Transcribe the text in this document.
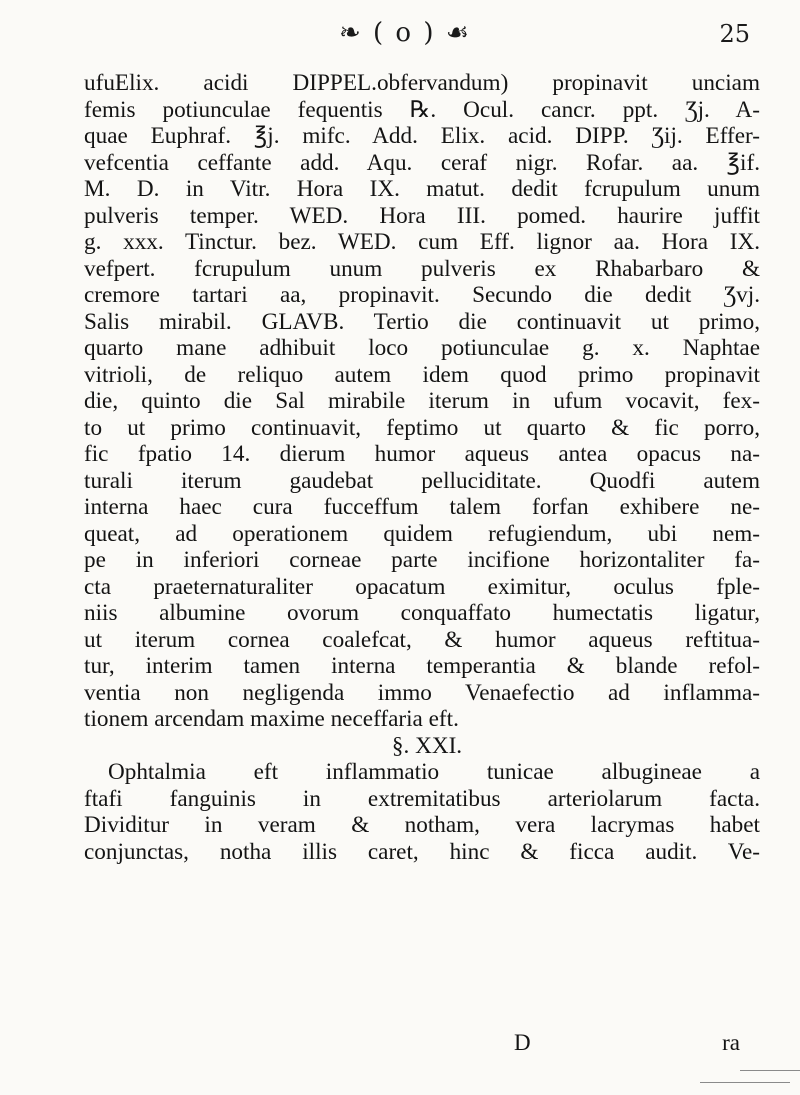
❧ ( o ) ☙	25
ufuElix. acidi DIPPEL.obfervandum) propinavit unciam
femis potiunculae fequentis ℞. Ocul. cancr. ppt. Ʒj. A-
quae Euphraf. ℥j. mifc. Add. Elix. acid. DIPP. Ʒij. Effer-
vefcentia ceffante add. Aqu. ceraf nigr. Rofar. aa. ℥if.
M. D. in Vitr. Hora IX. matut. dedit fcrupulum unum
pulveris temper. WED. Hora III. pomed. haurire juffit
g. xxx. Tinctur. bez. WED. cum Eff. lignor aa. Hora IX.
vefpert. fcrupulum unum pulveris ex Rhabarbaro &
cremore tartari aa, propinavit. Secundo die dedit Ʒvj.
Salis mirabil. GLAVB. Tertio die continuavit ut primo,
quarto mane adhibuit loco potiunculae g. x. Naphtae
vitrioli, de reliquo autem idem quod primo propinavit
die, quinto die Sal mirabile iterum in ufum vocavit, fex-
to ut primo continuavit, feptimo ut quarto & fic porro,
fic fpatio 14. dierum humor aqueus antea opacus na-
turali iterum gaudebat pelluciditate. Quodfi autem
interna haec cura fucceffum talem forfan exhibere ne-
queat, ad operationem quidem refugiendum, ubi nem-
pe in inferiori corneae parte incifione horizontaliter fa-
cta praeternaturaliter opacatum eximitur, oculus fple-
niis albumine ovorum conquaffato humectatis ligatur,
ut iterum cornea coalefcat, & humor aqueus reftitua-
tur, interim tamen interna temperantia & blande refol-
ventia non negligenda immo Venaefectio ad inflamma-
tionem arcendam maxime neceffaria eft.
§. XXI.
Ophtalmia eft inflammatio tunicae albugineae a
ftafi fanguinis in extremitatibus arteriolarum facta.
Dividitur in veram & notham, vera lacrymas habet
conjunctas, notha illis caret, hinc & ficca audit. Ve-
D	ra
